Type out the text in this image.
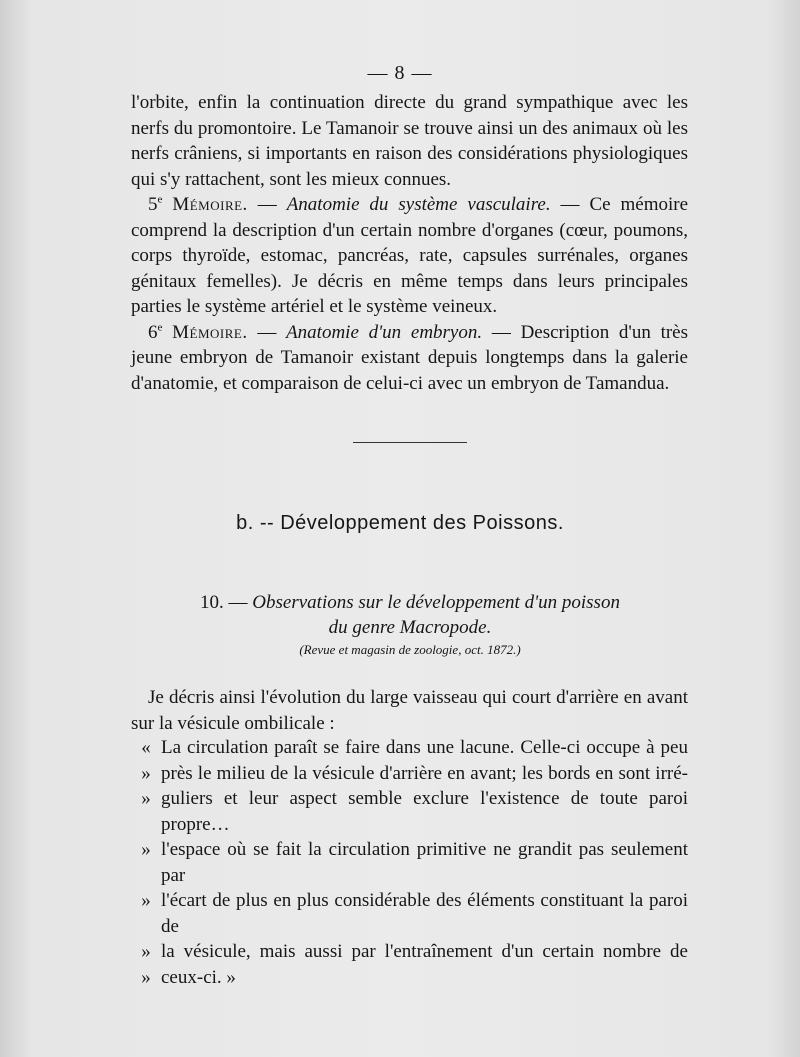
— 8 —

l'orbite, enfin la continuation directe du grand sympathique avec les nerfs du promontoire. Le Tamanoir se trouve ainsi un des animaux où les nerfs crâniens, si importants en raison des considérations physiologiques qui s'y rattachent, sont les mieux connues.

5e Mémoire. — Anatomie du système vasculaire. — Ce mémoire comprend la description d'un certain nombre d'organes (cœur, poumons, corps thyroïde, estomac, pancréas, rate, capsules surrénales, organes génitaux femelles). Je décris en même temps dans leurs principales parties le système artériel et le système veineux.

6e Mémoire. — Anatomie d'un embryon. — Description d'un très jeune embryon de Tamanoir existant depuis longtemps dans la galerie d'anatomie, et comparaison de celui-ci avec un embryon de Tamandua.

b. -- Développement des Poissons.
10. — Observations sur le développement d'un poisson
du genre Macropode.
(Revue et magasin de zoologie, oct. 1872.)

Je décris ainsi l'évolution du large vaisseau qui court d'arrière en avant sur la vésicule ombilicale :

« La circulation paraît se faire dans une lacune. Celle-ci occupe à peu
» près le milieu de la vésicule d'arrière en avant; les bords en sont irré-
» guliers et leur aspect semble exclure l'existence de toute paroi propre…
» l'espace où se fait la circulation primitive ne grandit pas seulement par
» l'écart de plus en plus considérable des éléments constituant la paroi de
» la vésicule, mais aussi par l'entraînement d'un certain nombre de
» ceux-ci. »
